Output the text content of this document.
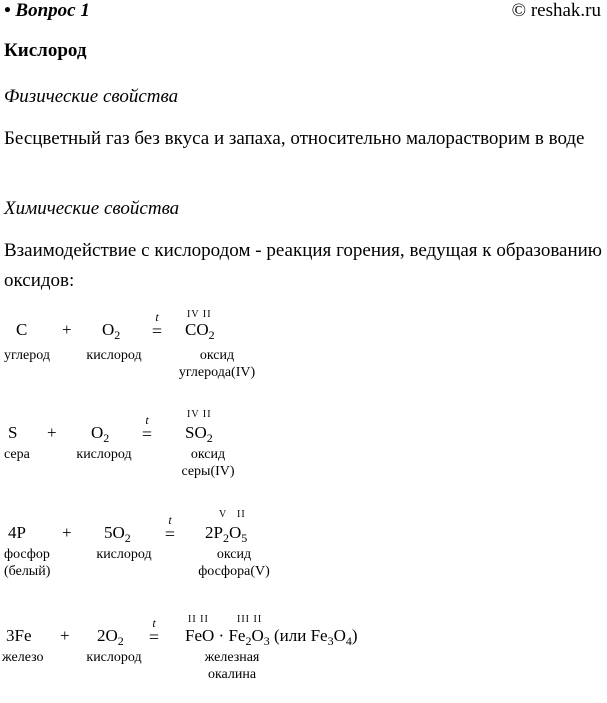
• Вопрос 1	© reshak.ru
Кислород
Физические свойства
Бесцветный газ без вкуса и запаха, относительно малорастворим в воде
Химические свойства
Взаимодействие с кислородом - реакция горения, ведущая к образованию оксидов:
C
углерод
+ $O_2$
кислород
t
=
IV II
$CO_2$
оксид
углерода(IV)
S
сера
+ $O_2$
кислород
t
=
IV II
$SO_2$
оксид
серы(IV)
4P
фосфор
(белый)
+ $5O_2$
кислород
t
=
V II
$2P_2O_5$
оксид
фосфора(V)
3Fe
железо
+ $2O_2$
кислород
t
=
II II	III II
FeO · $Fe_2O_3$ (или $Fe_3O_4$)
железная
окалина
